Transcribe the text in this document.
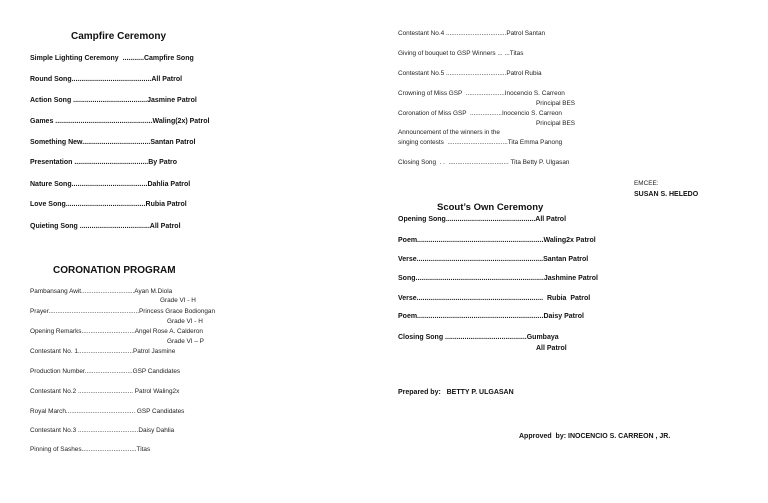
Campfire Ceremony
Simple Lighting Ceremony  ...........Campfire Song
Round Song.........................................All Patrol
Action Song ......................................Jasmine Patrol
Games ..................................................Waling(2x) Patrol
Something New...................................Santan Patrol
Presentation ......................................By Patro
Nature Song.......................................Dahlia Patrol
Love Song.........................................Rubia Patrol
Quieting Song ....................................All Patrol
CORONATION PROGRAM
Pambansang Awit..............................Ayan M.Diola
Grade VI - H
Prayer...................................................Princess Grace Bodiongan
Grade VI - H
Opening Remarks..............................Angel Rose A. Calderon
Grade VI – P
Contestant No. 1...............................Patrol Jasmine
Production Number...........................GSP Candidates
Contestant No.2 ............................... Patrol Waling2x
Royal March....................................... GSP Candidates
Contestant No.3 ..................................Daisy Dahlia
Pinning of Sashes...............................Titas
Contestant No.4 ..................................Patrol Santan
Giving of bouquet to GSP Winners ... ...Titas
Contestant No.5 ..................................Patrol Rubia
Crowning of Miss GSP  ......................Inocencio S. Carreon
Principal BES
Coronation of Miss GSP  ..................Inocencio S. Carreon
Principal BES
Announcement of the winners in the
singing contests  ..................................Tita Emma Panong
Closing Song  . .  .................................. Tita Betty P. Ulgasan
EMCEE:
SUSAN S. HELEDO
Scout’s Own Ceremony
Opening Song..............................................All Patrol
Poem.................................................................Waling2x Patrol
Verse.................................................................Santan Patrol
Song..................................................................Jashmine Patrol
Verse.................................................................  Rubia  Patrol
Poem.................................................................Daisy Patrol
Closing Song ..........................................Gumbaya
All Patrol
Prepared by:   BETTY P. ULGASAN
Approved  by: INOCENCIO S. CARREON , JR.
